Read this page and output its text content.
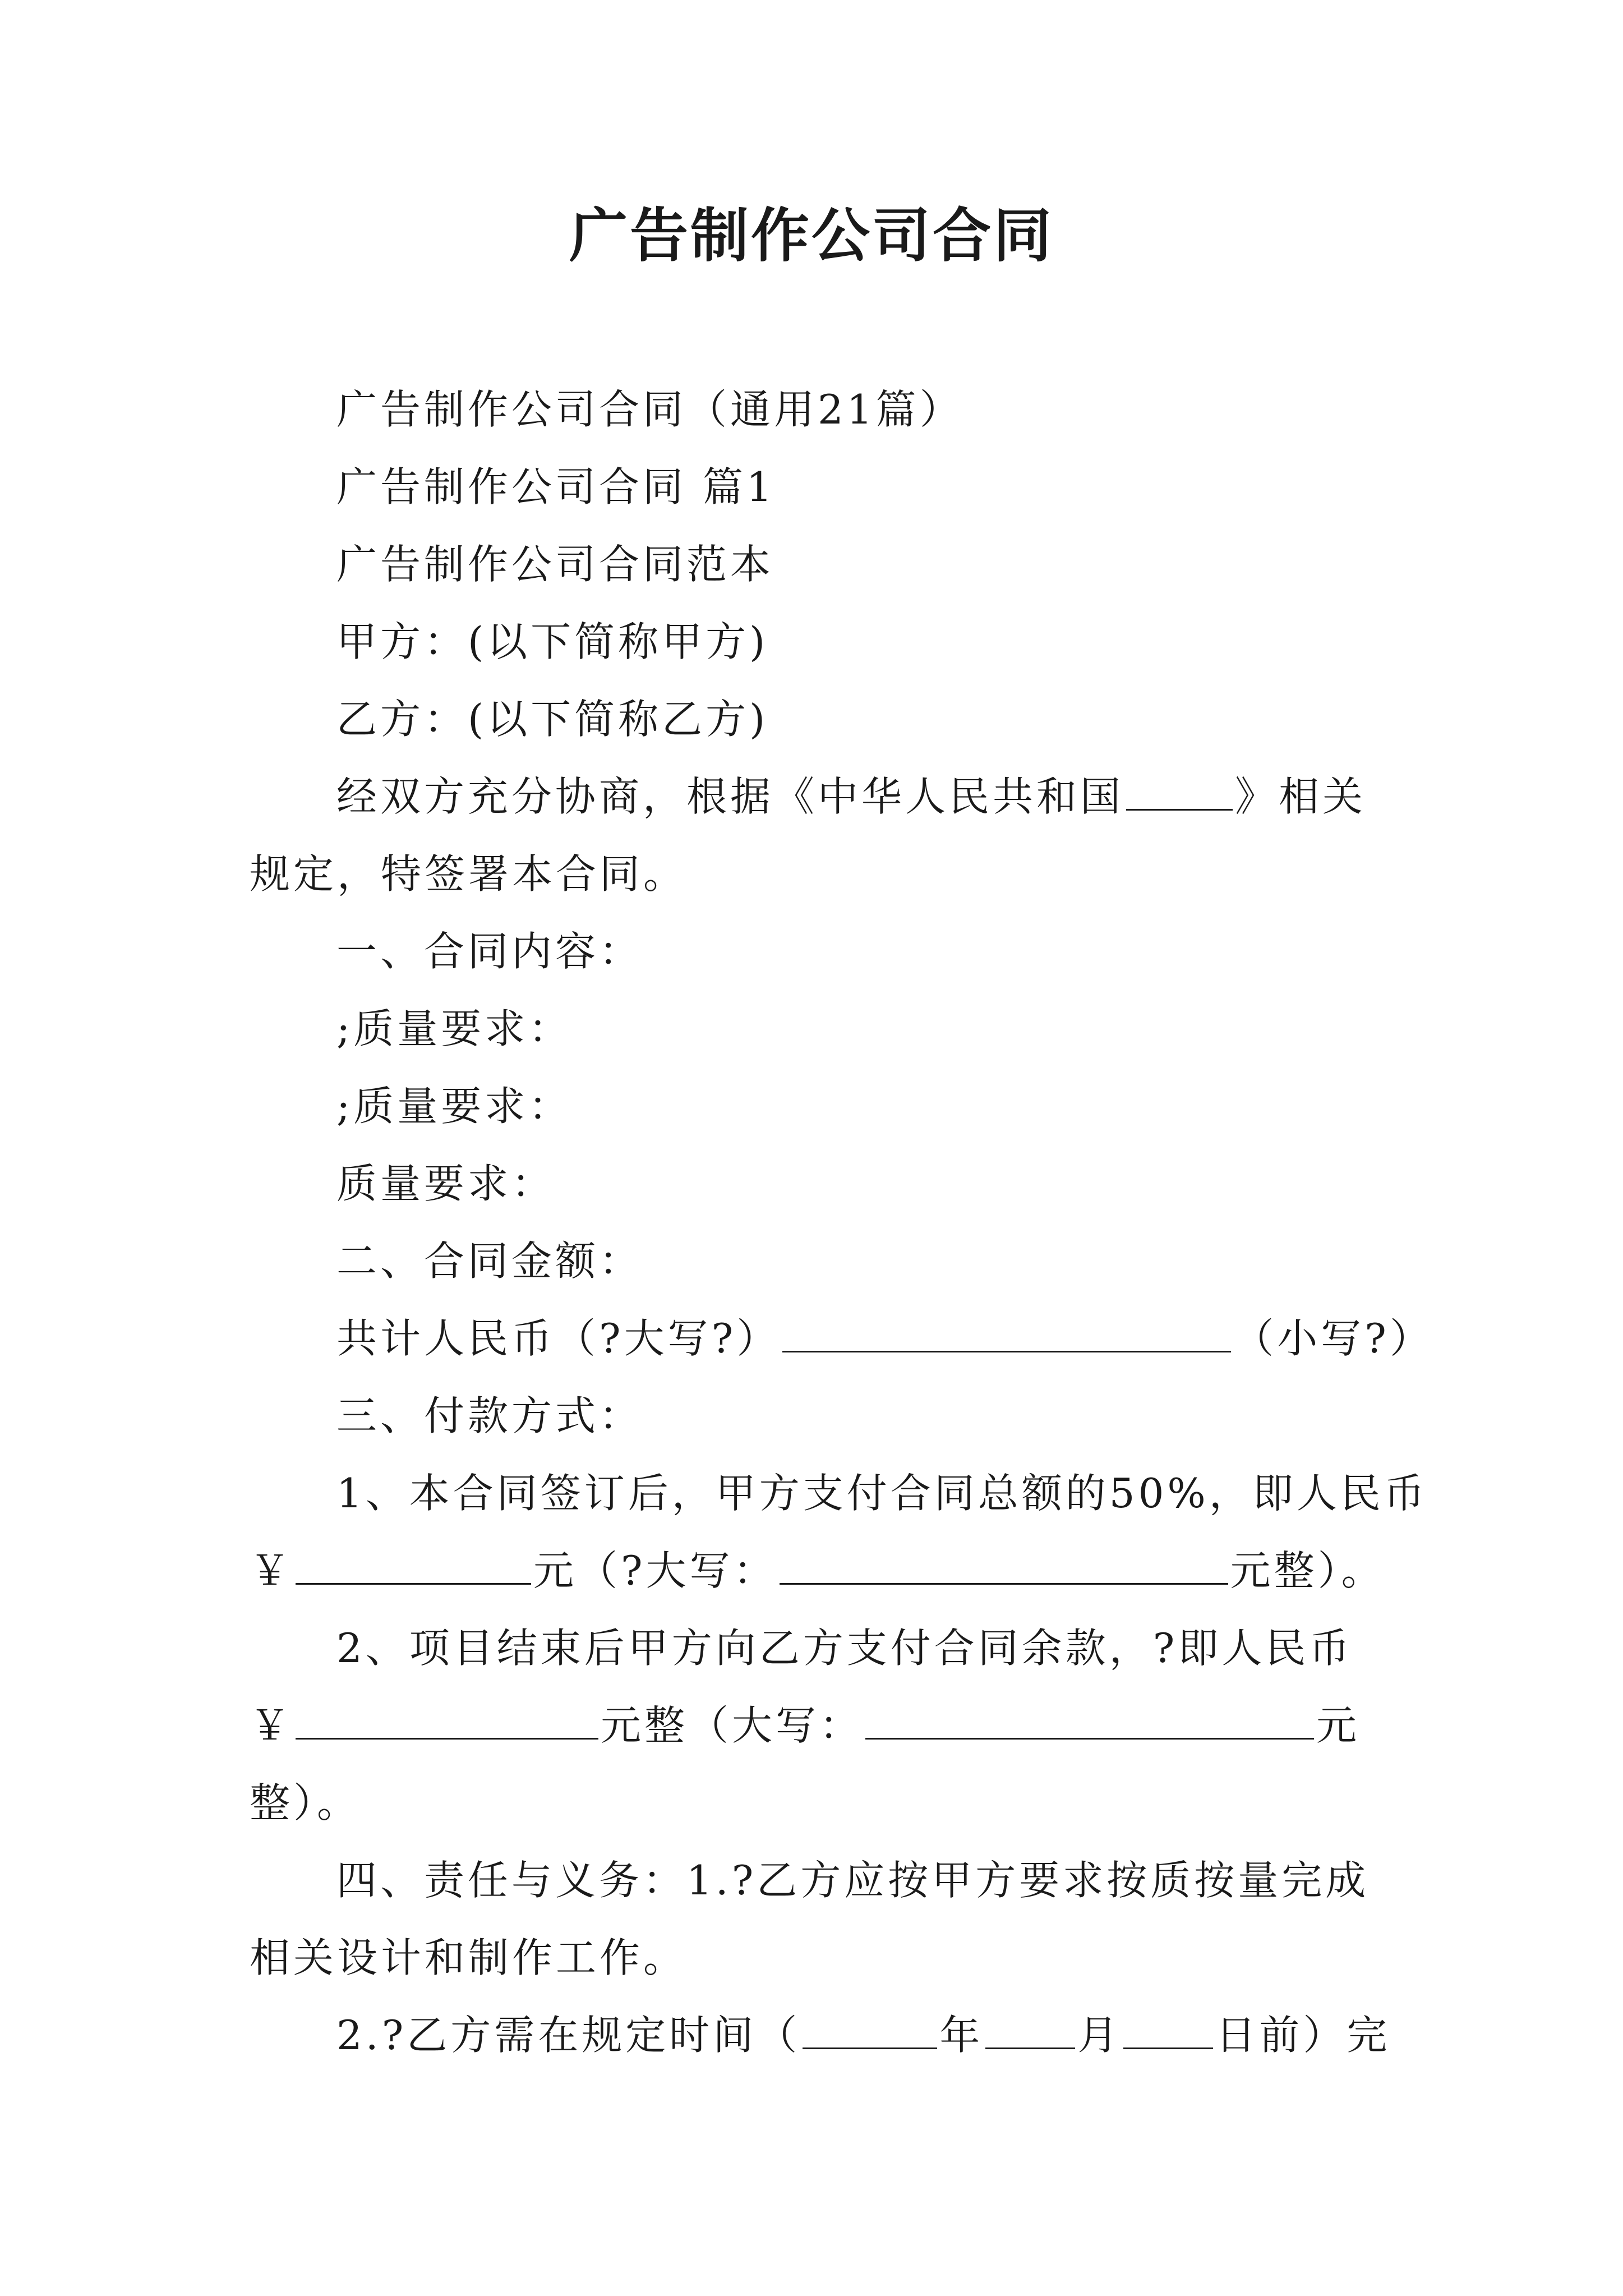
广告制作公司合同
广告制作公司合同（通用21篇）
广告制作公司合同 篇1
广告制作公司合同范本
甲方：(以下简称甲方)
乙方：(以下简称乙方)
经双方充分协商，根据《中华人民共和国	》相关
规定，特签署本合同。
一、合同内容：
;质量要求：
;质量要求：
质量要求：
二、合同金额：
共计人民币（?大写?）	（小写?）
三、付款方式：
1、本合同签订后，甲方支付合同总额的50%，即人民币
￥	元（?大写：	元整）。
2、项目结束后甲方向乙方支付合同余款，?即人民币
￥	元整（大写：	元
整）。
四、责任与义务：1.?乙方应按甲方要求按质按量完成
相关设计和制作工作。
2.?乙方需在规定时间（	年 月 日前）完
